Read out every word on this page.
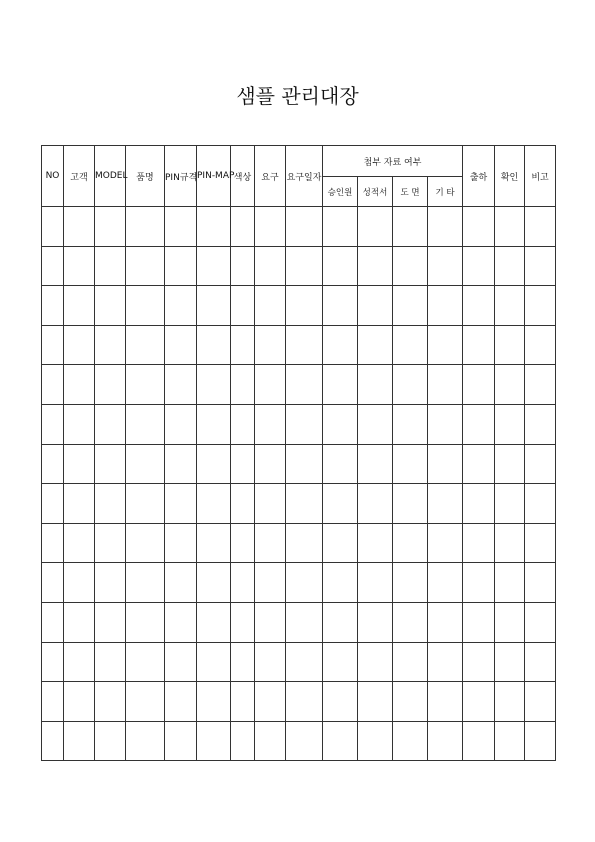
샘플 관리대장
NO	고객	MODEL	품명	PIN규격	PIN-MAP	색상	요구	요구일자	첨부 자료 여부				출하	확인	비고
									승인원	성적서	도 면	기 타			
